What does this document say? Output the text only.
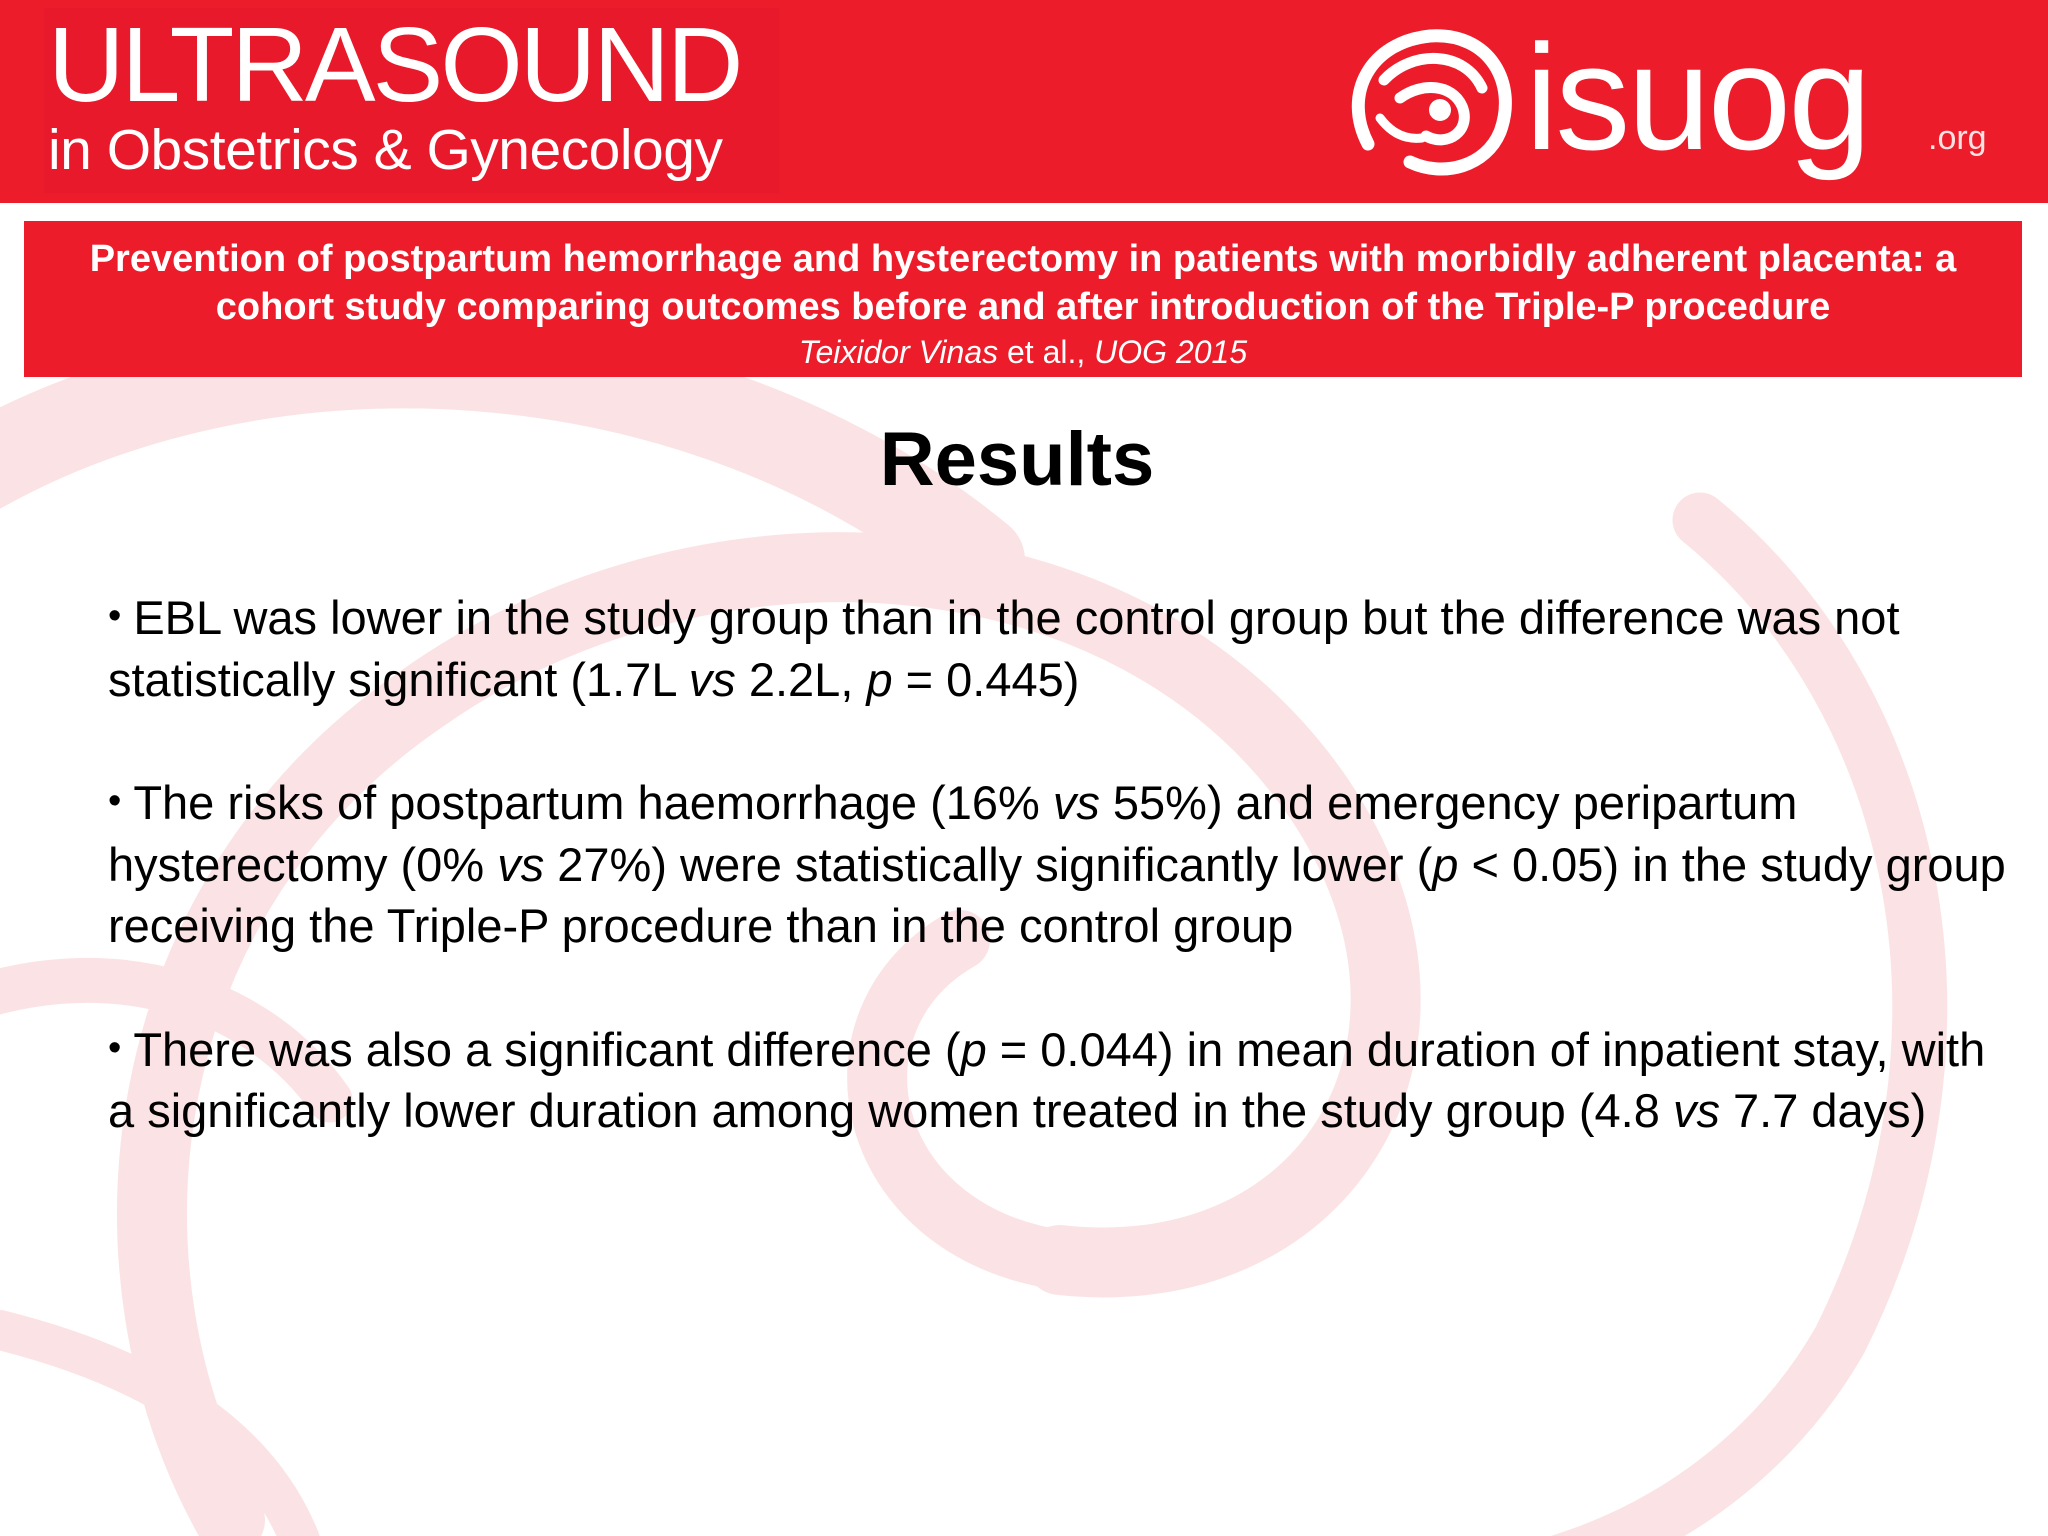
ULTRASOUND
in Obstetrics & Gynecology	isuog .org
Prevention of postpartum hemorrhage and hysterectomy in patients with morbidly adherent placenta: a cohort study comparing outcomes before and after introduction of the Triple-P procedure
Teixidor Vinas et al., UOG 2015
Results
• EBL was lower in the study group than in the control group but the difference was not statistically significant (1.7L vs 2.2L, p = 0.445)
• The risks of postpartum haemorrhage (16% vs 55%) and emergency peripartum hysterectomy (0% vs 27%) were statistically significantly lower (p < 0.05) in the study group receiving the Triple-P procedure than in the control group
• There was also a significant difference (p = 0.044) in mean duration of inpatient stay, with a significantly lower duration among women treated in the study group (4.8 vs 7.7 days)
